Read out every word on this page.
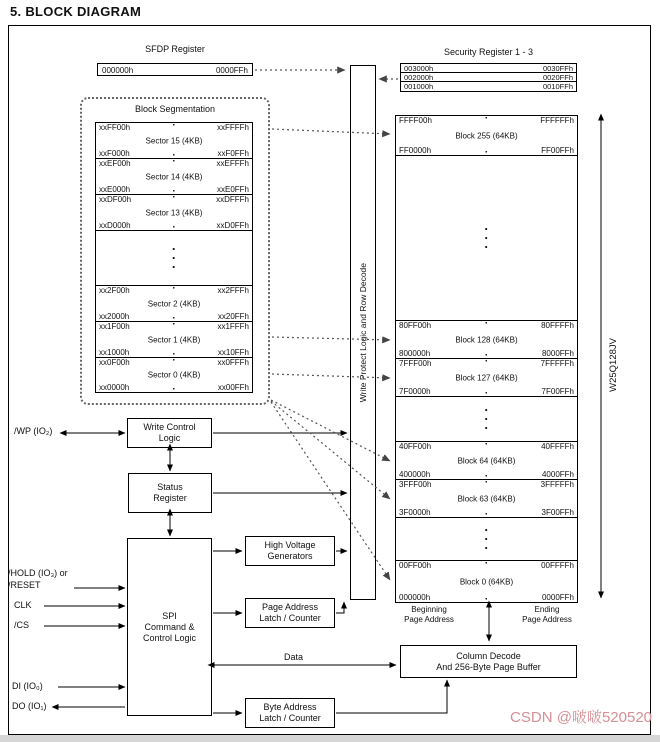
5. BLOCK DIAGRAM
SFDP Register
000000h	0000FFh
Security Register 1 - 3
003000h	0030FFh
002000h	0020FFh
001000h	0010FFh
Block Segmentation
· xxFF00h	xxFFFFh
Sector 15 (4KB)
xxF000h	xxF0FFh
·
· xxEF00h	xxEFFFh
Sector 14 (4KB)
xxE000h	xxE0FFh
·
· xxDF00h	xxDFFFh
Sector 13 (4KB)
xxD000h	xxD0FFh
·
·
·
·
· xx2F00h	xx2FFFh
Sector 2 (4KB)
xx2000h	xx20FFh
·
· xx1F00h	xx1FFFh
Sector 1 (4KB)
xx1000h	xx10FFh
·
· xx0F00h	xx0FFFh
Sector 0 (4KB)
xx0000h	xx00FFh
·	Write Protect Logic and Row Decode
· FFFF00h	FFFFFFh
Block 255 (64KB)
FF0000h	FF00FFh
·
·
·
·
· 80FF00h	80FFFFh
Block 128 (64KB)
800000h	8000FFh
·
· 7FFF00h	7FFFFFh
Block 127 (64KB)
7F0000h	7F00FFh
·
·
·
·
· 40FF00h	40FFFFh
Block 64 (64KB)
400000h	4000FFh
·
· 3FFF00h	3FFFFFh
Block 63 (64KB)
3F0000h	3F00FFh
·
·
·
·
· 00FF00h	00FFFFh
Block 0 (64KB)
000000h	0000FFh
·
W25Q128JV
Beginning
Page Address
Ending
Page Address
Column Decode
And 256-Byte Page Buffer
Write Control
Logic
Status
Register
SPI
Command &
Control Logic
High Voltage
Generators
Page Address
Latch / Counter
Byte Address
Latch / Counter
/WP (IO₂)
/HOLD (IO₃) or
/RESET
CLK
/CS
DI (IO₀)
DO (IO₁)
Data
CSDN @啵啵520520
